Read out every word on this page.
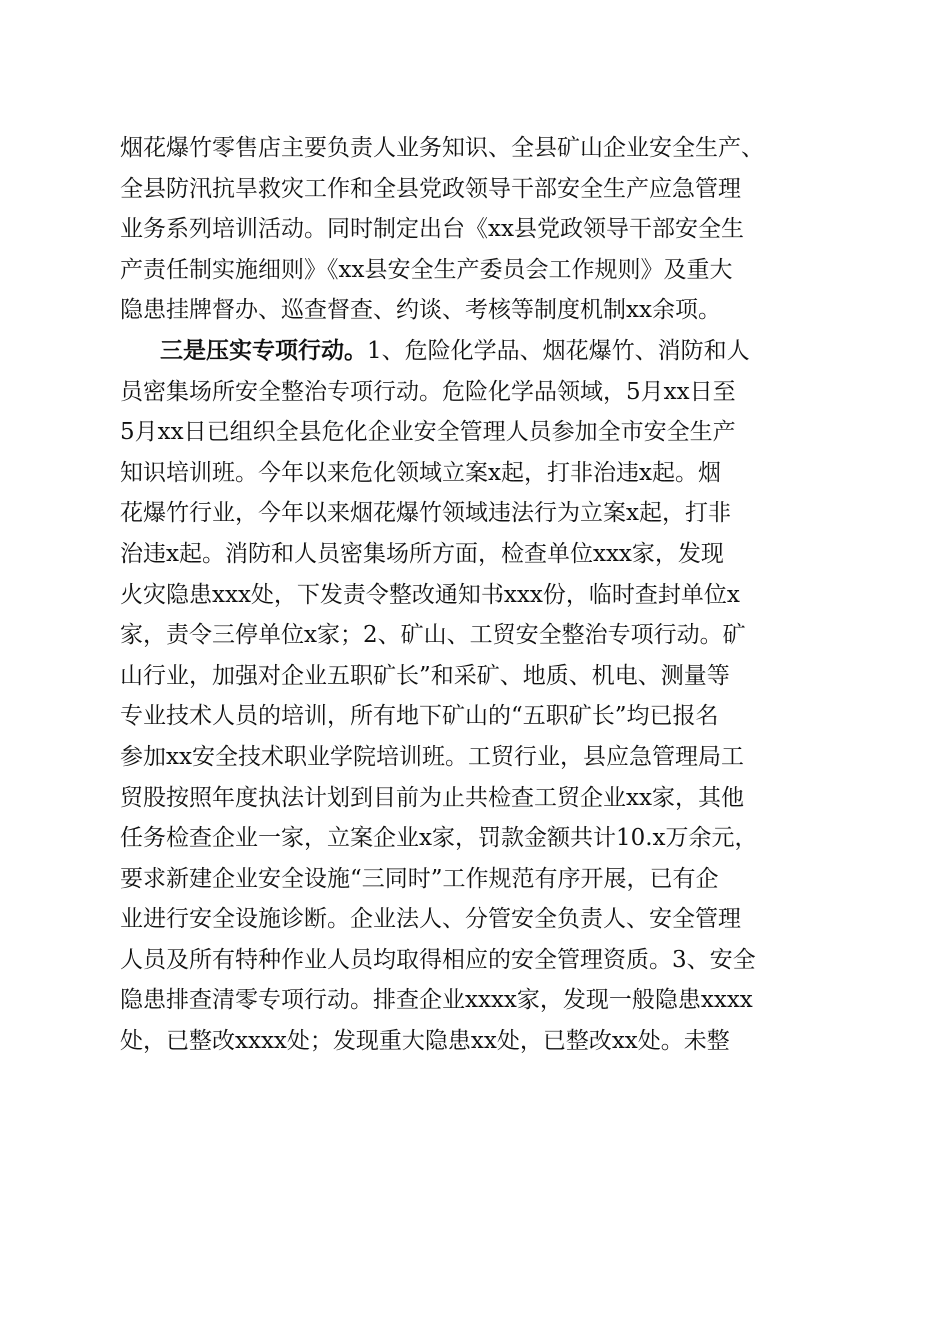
烟花爆竹零售店主要负责人业务知识、全县矿山企业安全生产、
全县防汛抗旱救灾工作和全县党政领导干部安全生产应急管理
业务系列培训活动。同时制定出台《xx县党政领导干部安全生
产责任制实施细则》《xx县安全生产委员会工作规则》及重大
隐患挂牌督办、巡查督查、约谈、考核等制度机制xx余项。
三是压实专项行动。1、危险化学品、烟花爆竹、消防和人
员密集场所安全整治专项行动。危险化学品领域，5月xx日至
5月xx日已组织全县危化企业安全管理人员参加全市安全生产
知识培训班。今年以来危化领域立案x起，打非治违x起。烟
花爆竹行业，今年以来烟花爆竹领域违法行为立案x起，打非
治违x起。消防和人员密集场所方面，检查单位xxx家，发现
火灾隐患xxx处，下发责令整改通知书xxx份，临时查封单位x
家，责令三停单位x家；2、矿山、工贸安全整治专项行动。矿
山行业，加强对企业五职矿长”和采矿、地质、机电、测量等
专业技术人员的培训，所有地下矿山的“五职矿长”均已报名
参加xx安全技术职业学院培训班。工贸行业，县应急管理局工
贸股按照年度执法计划到目前为止共检查工贸企业xx家，其他
任务检查企业一家，立案企业x家，罚款金额共计10.x万余元，
要求新建企业安全设施“三同时”工作规范有序开展，已有企
业进行安全设施诊断。企业法人、分管安全负责人、安全管理
人员及所有特种作业人员均取得相应的安全管理资质。3、安全
隐患排查清零专项行动。排查企业xxxx家，发现一般隐患xxxx
处，已整改xxxx处；发现重大隐患xx处，已整改xx处。未整
